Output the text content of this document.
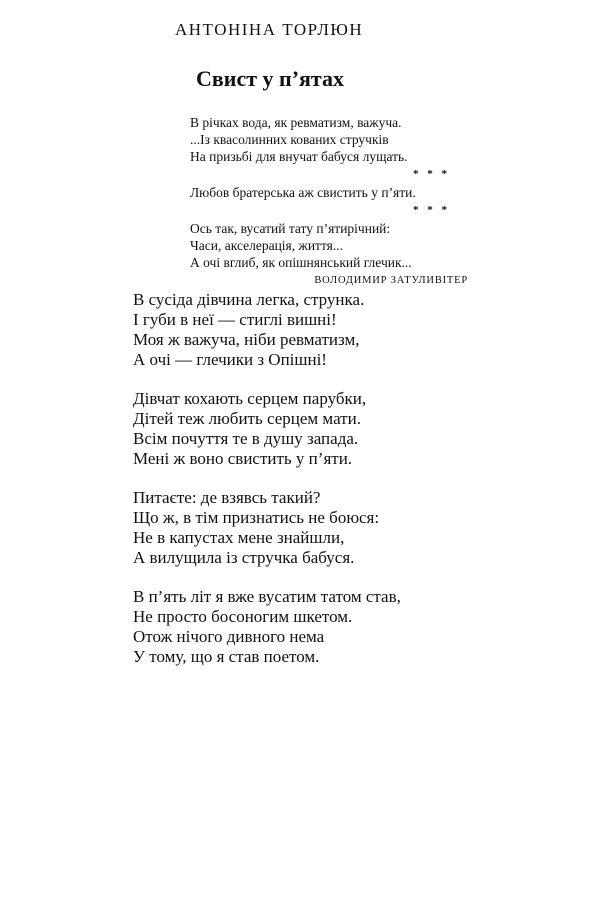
АНТОНІНА ТОРЛЮН
Свист у п’ятах
В річках вода, як ревматизм, важуча.
...Із квасолинних кованих стручків
На призьбі для внучат бабуся лущать.
* * *
Любов братерська аж свистить у п’яти.
* * *
Ось так, вусатий тату п’ятирічний:
Часи, акселерація, життя...
А очі вглиб, як опішнянський глечик...
ВОЛОДИМИР ЗАТУЛИВІТЕР
В сусіда дівчина легка, струнка.
І губи в неї — стиглі вишні!
Моя ж важуча, ніби ревматизм,
А очі — глечики з Опішні!
Дівчат кохають серцем парубки,
Дітей теж любить серцем мати.
Всім почуття те в душу запада.
Мені ж воно свистить у п’яти.
Питаєте: де взявсь такий?
Що ж, в тім признатись не боюся:
Не в капустах мене знайшли,
А вилущила із стручка бабуся.
В п’ять літ я вже вусатим татом став,
Не просто босоногим шкетом.
Отож нічого дивного нема
У тому, що я став поетом.
